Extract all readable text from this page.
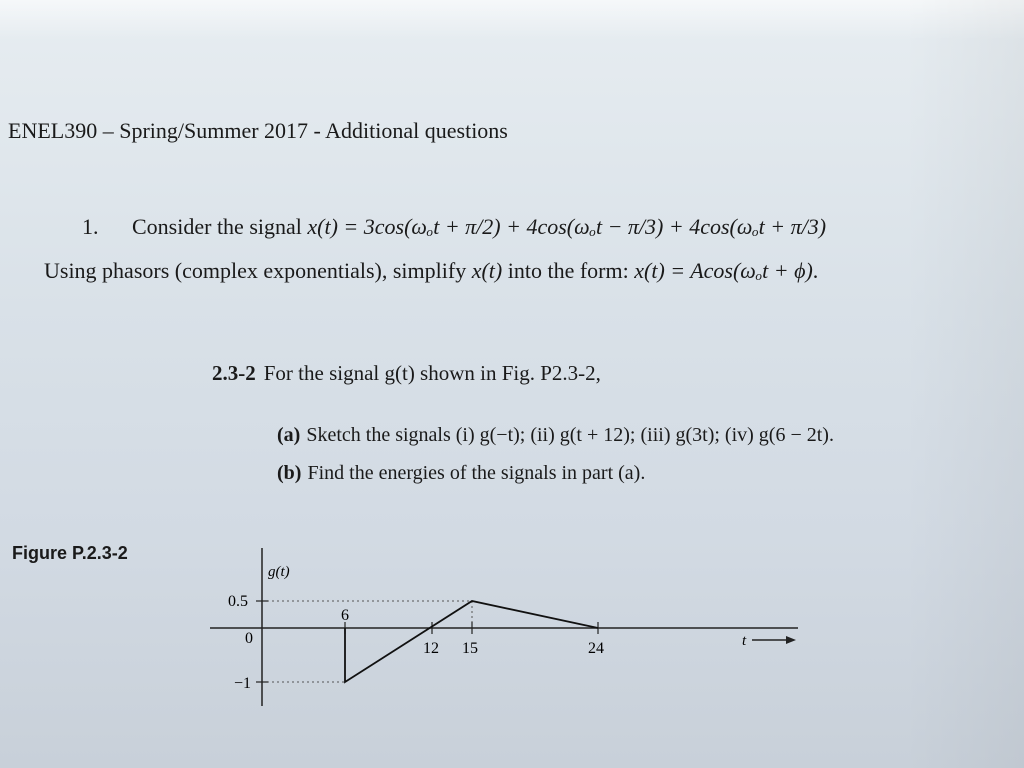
ENEL390 – Spring/Summer 2017 - Additional questions
1. Consider the signal x(t) = 3cos(ωₒt + π/2) + 4cos(ωₒt − π/3) + 4cos(ωₒt + π/3)
Using phasors (complex exponentials), simplify x(t) into the form: x(t) = Acos(ωₒt + ϕ).
2.3-2 For the signal g(t) shown in Fig. P2.3-2,
(a) Sketch the signals (i) g(−t); (ii) g(t + 12); (iii) g(3t); (iv) g(6 − 2t).
(b) Find the energies of the signals in part (a).
Figure P.2.3-2
g(t)
0.5
0
−1
6
12 15	24	t
